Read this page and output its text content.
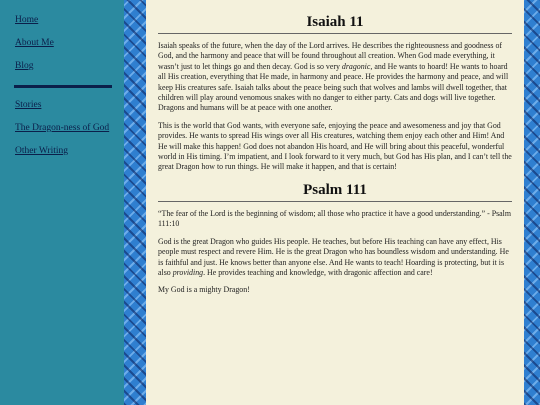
Home
About Me
Blog
Stories
The Dragon-ness of God
Other Writing
Isaiah 11

Isaiah speaks of the future, when the day of the Lord arrives. He describes the righteousness and goodness of God, and the harmony and peace that will be found throughout all creation. When God made everything, it wasn’t just to let things go and then decay. God is so very dragonic, and He wants to hoard! He wants to hoard all His creation, everything that He made, in harmony and peace. He provides the harmony and peace, and will keep His creatures safe. Isaiah talks about the peace being such that wolves and lambs will dwell together, that children will play around venomous snakes with no danger to either party. Cats and dogs will live together. Dragons and humans will be at peace with one another.

This is the world that God wants, with everyone safe, enjoying the peace and awesomeness and joy that God provides. He wants to spread His wings over all His creatures, watching them enjoy each other and Him! And He will make this happen! God does not abandon His hoard, and He will bring about this peaceful, wonderful world in His timing. I’m impatient, and I look forward to it very much, but God has His plan, and I can’t tell the great Dragon how to run things. He will make it happen, and that is certain!

Psalm 111

“The fear of the Lord is the beginning of wisdom; all those who practice it have a good understanding.” - Psalm 111:10

God is the great Dragon who guides His people. He teaches, but before His teaching can have any effect, His people must respect and revere Him. He is the great Dragon who has boundless wisdom and understanding. He is faithful and just. He knows better than anyone else. And He wants to teach! Hoarding is protecting, but it is also providing. He provides teaching and knowledge, with dragonic affection and care!

My God is a mighty Dragon!
